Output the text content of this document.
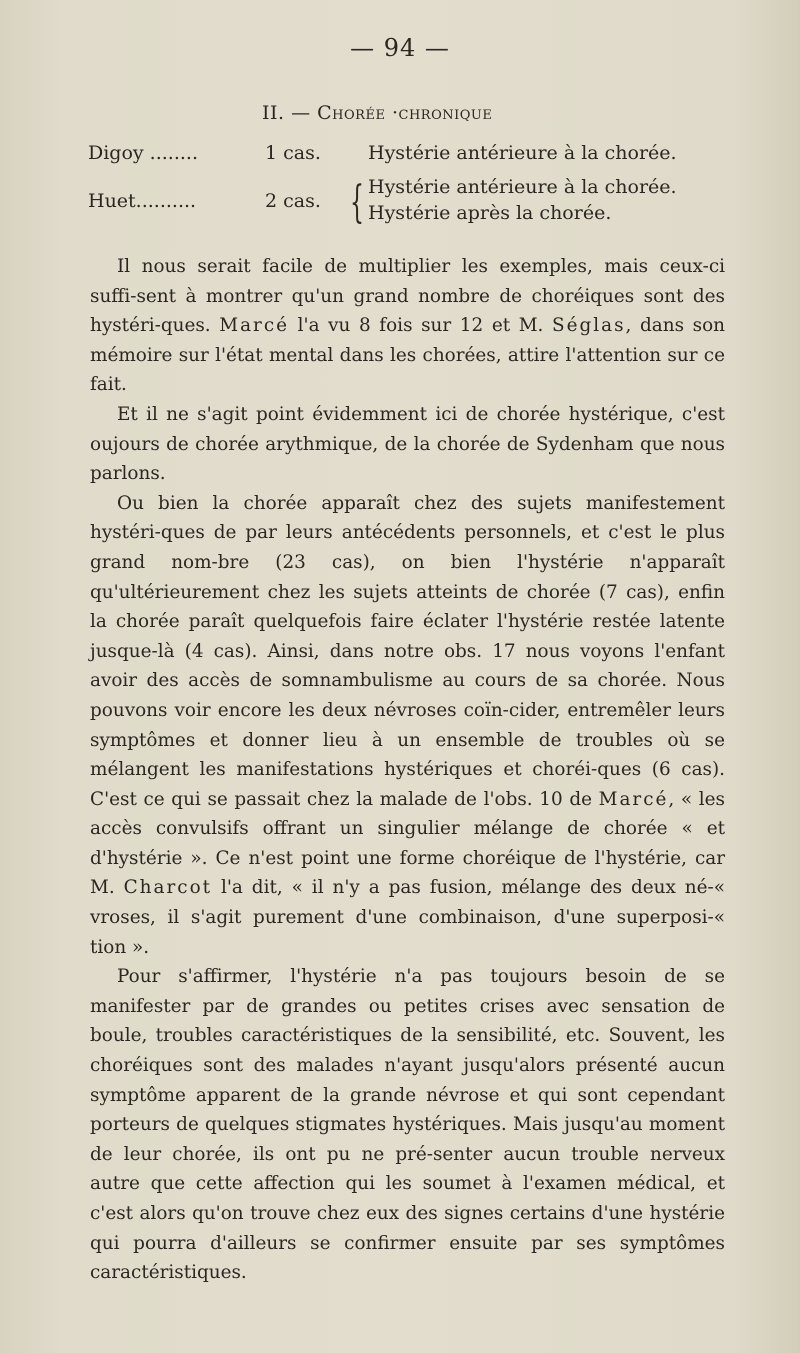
— 94 —
II. — Chorée ·chronique
Digoy ........	1 cas. Hystérie antérieure à la chorée.
Huet..........	2 cas. { Hystérie antérieure à la chorée.
Hystérie après la chorée.

Il nous serait facile de multiplier les exemples, mais ceux-ci suffi-sent à montrer qu'un grand nombre de choréiques sont des hystéri-ques. Marcé l'a vu 8 fois sur 12 et M. Séglas, dans son mémoire sur l'état mental dans les chorées, attire l'attention sur ce fait.

Et il ne s'agit point évidemment ici de chorée hystérique, c'est oujours de chorée arythmique, de la chorée de Sydenham que nous parlons.

Ou bien la chorée apparaît chez des sujets manifestement hystéri-ques de par leurs antécédents personnels, et c'est le plus grand nom-bre (23 cas), on bien l'hystérie n'apparaît qu'ultérieurement chez les sujets atteints de chorée (7 cas), enfin la chorée paraît quelquefois faire éclater l'hystérie restée latente jusque-là (4 cas). Ainsi, dans notre obs. 17 nous voyons l'enfant avoir des accès de somnambulisme au cours de sa chorée. Nous pouvons voir encore les deux névroses coïn-cider, entremêler leurs symptômes et donner lieu à un ensemble de troubles où se mélangent les manifestations hystériques et choréi-ques (6 cas). C'est ce qui se passait chez la malade de l'obs. 10 de Marcé, « les accès convulsifs offrant un singulier mélange de chorée « et d'hystérie ». Ce n'est point une forme choréique de l'hystérie, car M. Charcot l'a dit, « il n'y a pas fusion, mélange des deux né-« vroses, il s'agit purement d'une combinaison, d'une superposi-« tion ».

Pour s'affirmer, l'hystérie n'a pas toujours besoin de se manifester par de grandes ou petites crises avec sensation de boule, troubles caractéristiques de la sensibilité, etc. Souvent, les choréiques sont des malades n'ayant jusqu'alors présenté aucun symptôme apparent de la grande névrose et qui sont cependant porteurs de quelques stigmates hystériques. Mais jusqu'au moment de leur chorée, ils ont pu ne pré-senter aucun trouble nerveux autre que cette affection qui les soumet à l'examen médical, et c'est alors qu'on trouve chez eux des signes certains d'une hystérie qui pourra d'ailleurs se confirmer ensuite par ses symptômes caractéristiques.
